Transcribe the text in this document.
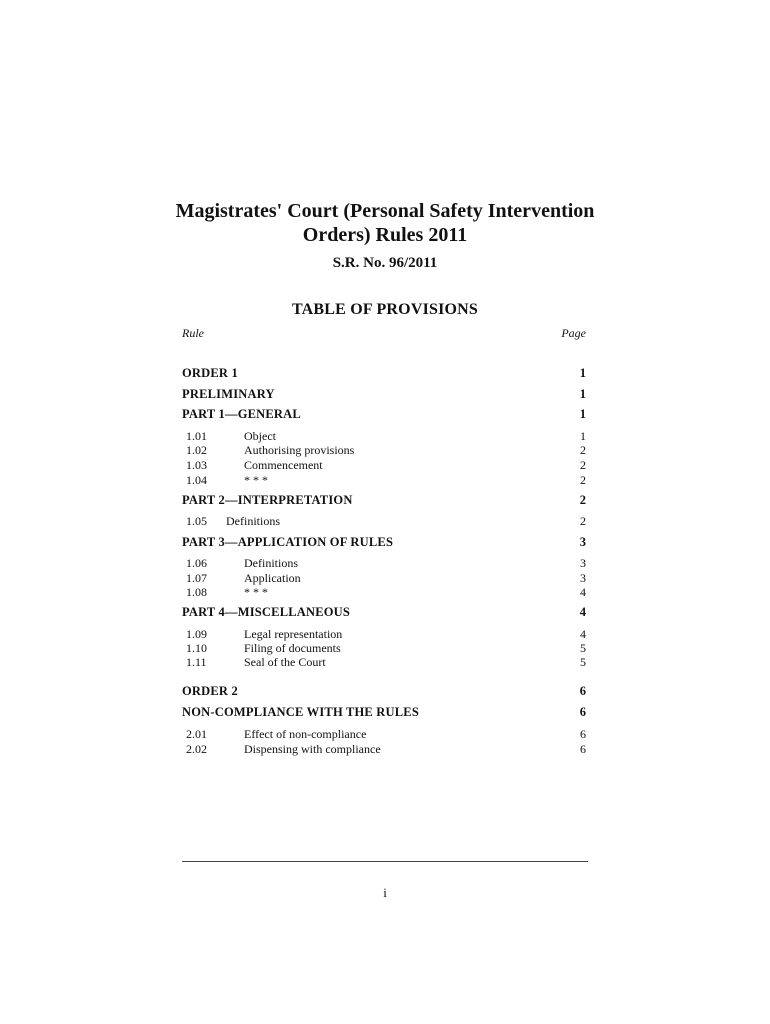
Magistrates' Court (Personal Safety Intervention
Orders) Rules 2011
S.R. No. 96/2011
TABLE OF PROVISIONS
Rule	Page
ORDER 1	1
PRELIMINARY	1
PART 1—GENERAL	1
1.01	Object	1
1.02	Authorising provisions	2
1.03	Commencement	2
1.04	* * *	2
PART 2—INTERPRETATION	2
1.05 Definitions	2
PART 3—APPLICATION OF RULES	3
1.06	Definitions	3
1.07	Application	3
1.08	* * *	4
PART 4—MISCELLANEOUS	4
1.09	Legal representation	4
1.10	Filing of documents	5
1.11	Seal of the Court	5
ORDER 2	6
NON-COMPLIANCE WITH THE RULES	6
2.01	Effect of non-compliance	6
2.02	Dispensing with compliance	6
i
